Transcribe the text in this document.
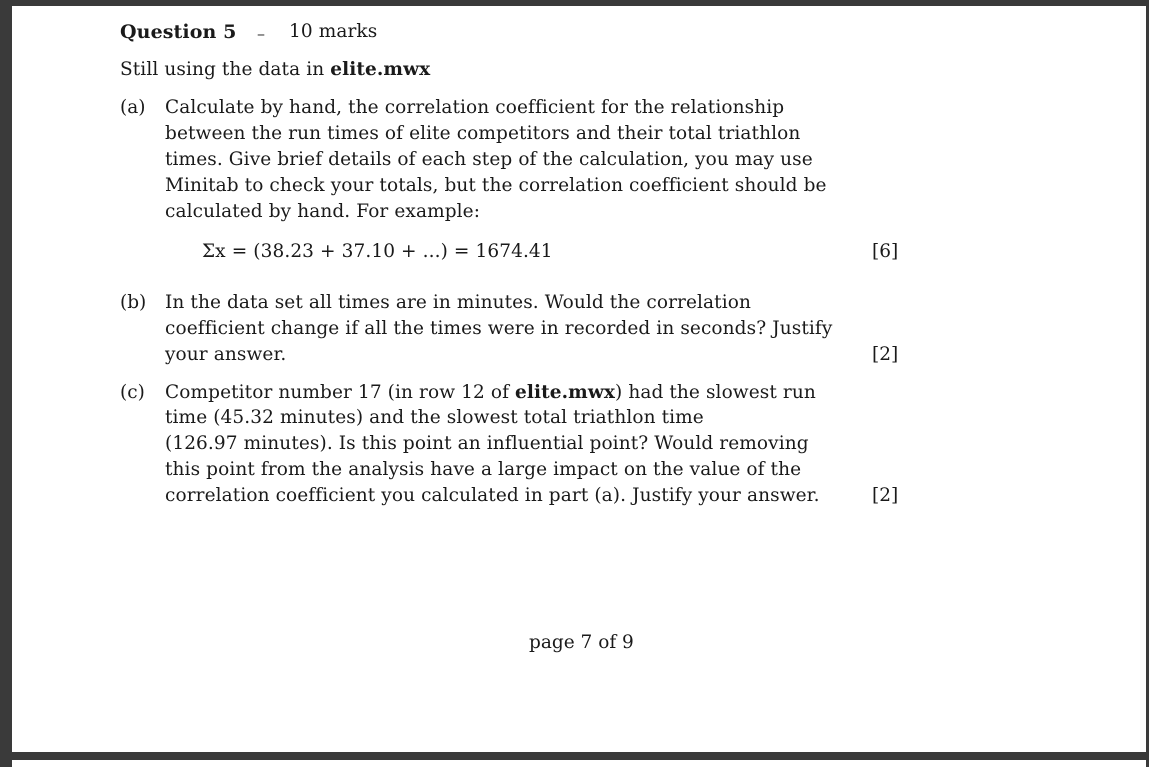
Question 5 – 10 marks
Still using the data in elite.mwx
(a) Calculate by hand, the correlation coefficient for the relationship
between the run times of elite competitors and their total triathlon
times. Give brief details of each step of the calculation, you may use
Minitab to check your totals, but the correlation coefficient should be
calculated by hand. For example:
Σx = (38.23 + 37.10 + ...) = 1674.41	[6]
(b) In the data set all times are in minutes. Would the correlation
coefficient change if all the times were in recorded in seconds? Justify
your answer.	[2]
(c) Competitor number 17 (in row 12 of elite.mwx) had the slowest run
time (45.32 minutes) and the slowest total triathlon time
(126.97 minutes). Is this point an influential point? Would removing
this point from the analysis have a large impact on the value of the
correlation coefficient you calculated in part (a). Justify your answer.	[2]
page 7 of 9
